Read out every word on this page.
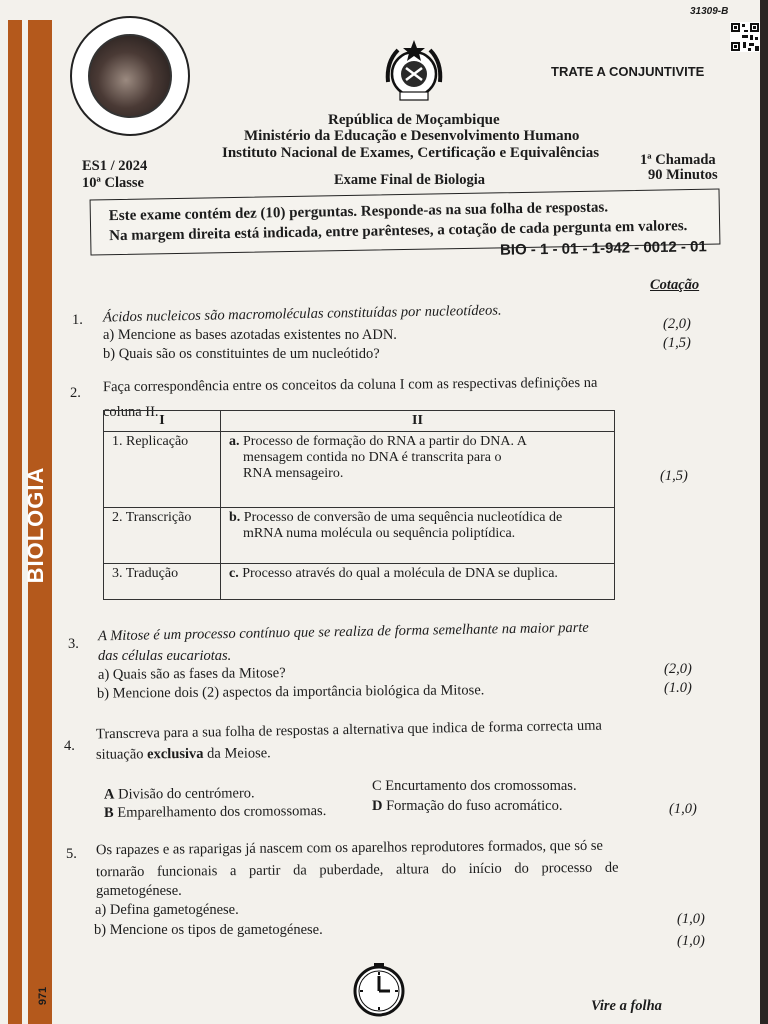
BIOLOGIA
971
31309-B
TRATE A CONJUNTIVITE
República de Moçambique
Ministério da Educação e Desenvolvimento Humano
Instituto Nacional de Exames, Certificação e Equivalências
ES1 / 2024
10ª Classe	Exame Final de Biologia
1ª Chamada
90 Minutos
Este exame contém dez (10) perguntas. Responde-as na sua folha de respostas.
Na margem direita está indicada, entre parênteses, a cotação de cada pergunta em valores.
BIO - 1 - 01 - 1-942 - 0012 - 01
Cotação
1. Ácidos nucleicos são macromoléculas constituídas por nucleotídeos.
a) Mencione as bases azotadas existentes no ADN.
(2,0)
b) Quais são os constituintes de um nucleótido?
(1,5)
2. Faça correspondência entre os conceitos da coluna I com as respectivas definições na
coluna II.
(1,5)
I	II
1. Replicação	a. Processo de formação do RNA a partir do DNA. A
mensagem contida no DNA é transcrita para o
RNA mensageiro.
2. Transcrição	b. Processo de conversão de uma sequência nucleotídica de
mRNA numa molécula ou sequência poliptídica.
3. Tradução	c. Processo através do qual a molécula de DNA se duplica.
3. A Mitose é um processo contínuo que se realiza de forma semelhante na maior parte
das células eucariotas.
a) Quais são as fases da Mitose?	(2,0)
b) Mencione dois (2) aspectos da importância biológica da Mitose.	(1.0)
4.
Transcreva para a sua folha de respostas a alternativa que indica de forma correcta uma
situação exclusiva da Meiose.
A Divisão do centrómero.
B Emparelhamento dos cromossomas.
C Encurtamento dos cromossomas.
D Formação do fuso acromático.	(1,0)
5. Os rapazes e as raparigas já nascem com os aparelhos reprodutores formados, que só se
tornarão funcionais a partir da puberdade, altura do início do processo de
gametogénese.
a) Defina gametogénese.
(1,0)
b) Mencione os tipos de gametogénese.
(1,0)
Vire a folha
